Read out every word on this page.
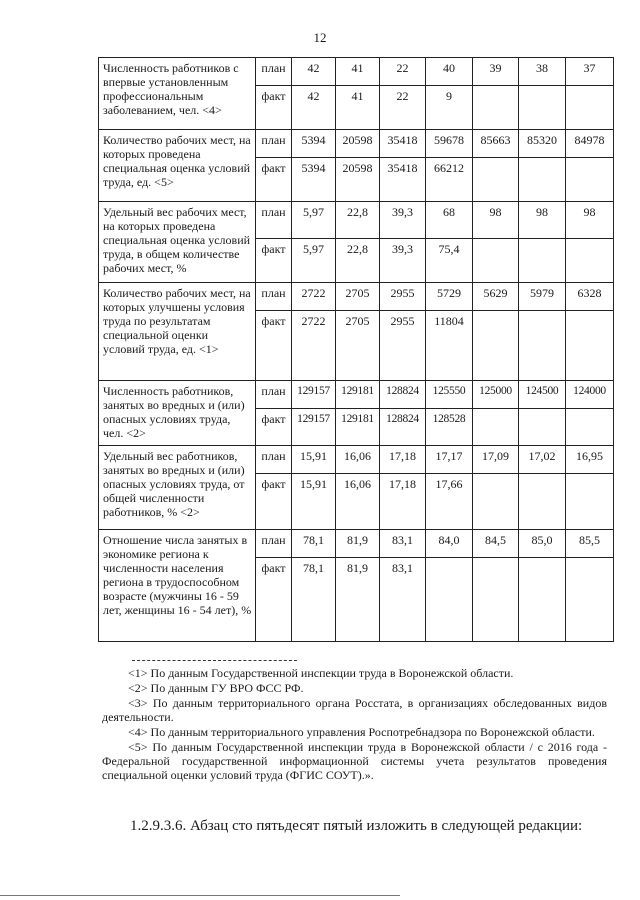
12
Численность работников с впервые установленным профессиональным заболеванием, чел. <4>	план	42	41	22	40	39	38	37
	факт	42	41	22	9			
Количество рабочих мест, на которых проведена специальная оценка условий труда, ед. <5>	план	5394	20598	35418	59678	85663	85320	84978
	факт	5394	20598	35418	66212			
Удельный вес рабочих мест, на которых проведена специальная оценка условий труда, в общем количестве рабочих мест, %	план	5,97	22,8	39,3	68	98	98	98
	факт	5,97	22,8	39,3	75,4			
Количество рабочих мест, на которых улучшены условия труда по результатам специальной оценки условий труда, ед. <1>	план	2722	2705	2955	5729	5629	5979	6328
	факт	2722	2705	2955	11804			
Численность работников, занятых во вредных и (или) опасных условиях труда, чел. <2>	план	129157	129181	128824	125550	125000	124500	124000
	факт	129157	129181	128824	128528			
Удельный вес работников, занятых во вредных и (или) опасных условиях труда, от общей численности работников, % <2>	план	15,91	16,06	17,18	17,17	17,09	17,02	16,95
	факт	15,91	16,06	17,18	17,66			
Отношение числа занятых в экономике региона к численности населения региона в трудоспособном возрасте (мужчины 16 - 59 лет, женщины 16 - 54 лет), %	план	78,1	81,9	83,1	84,0	84,5	85,0	85,5
	факт	78,1	81,9	83,1				

<1> По данным Государственной инспекции труда в Воронежской области.

<2> По данным ГУ ВРО ФСС РФ.

<3> По данным территориального органа Росстата, в организациях обследованных видов деятельности.

<4> По данным территориального управления Роспотребнадзора по Воронежской области.

<5> По данным Государственной инспекции труда в Воронежской области / с 2016 года - Федеральной государственной информационной системы учета результатов проведения специальной оценки условий труда (ФГИС СОУТ).».

1.2.9.3.6. Абзац сто пятьдесят пятый изложить в следующей редакции:
